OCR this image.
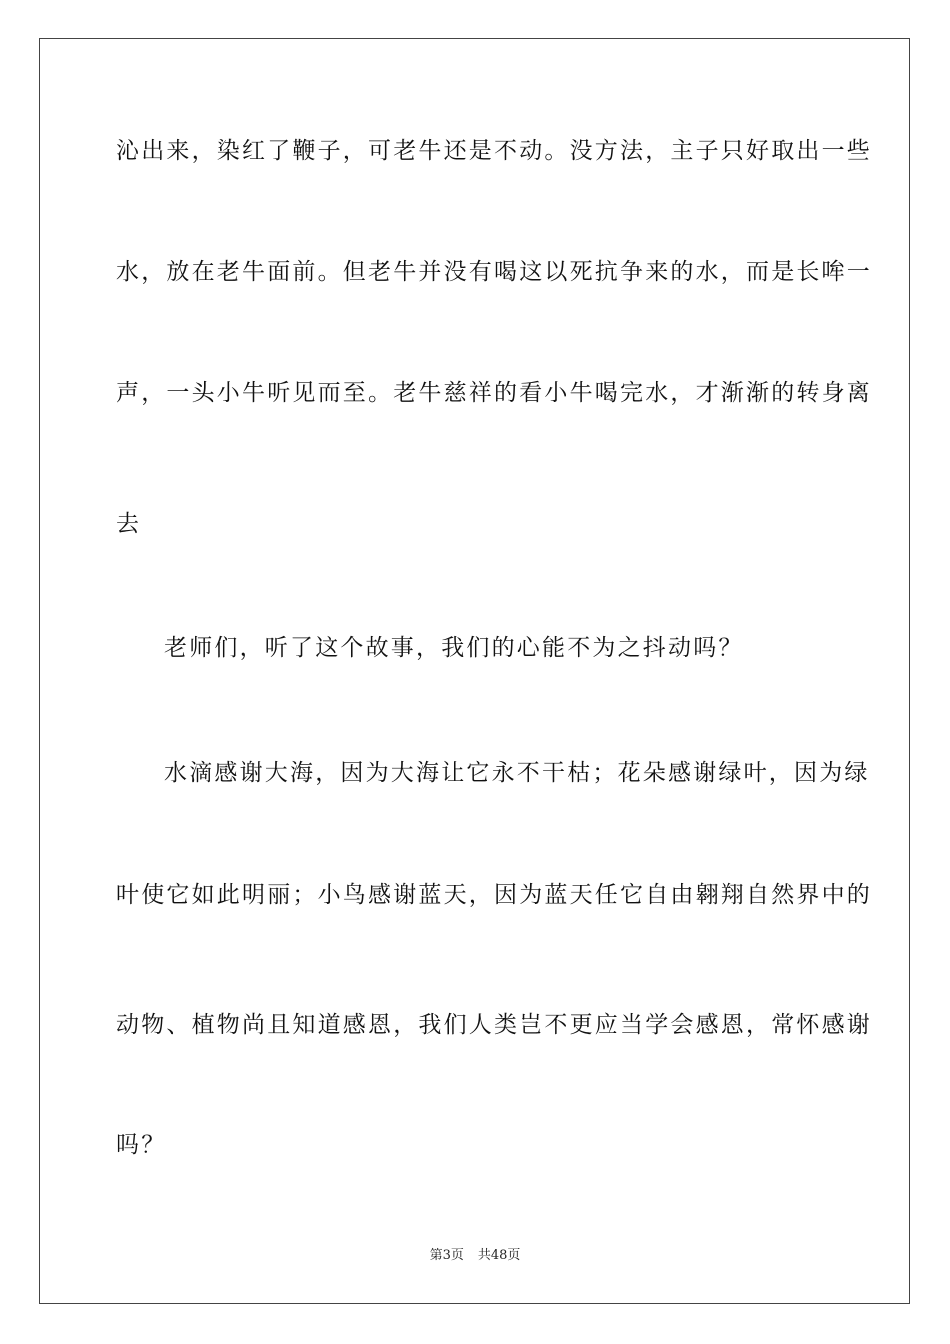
沁出来，染红了鞭子，可老牛还是不动。没方法，主子只好取出一些
水，放在老牛面前。但老牛并没有喝这以死抗争来的水，而是长哞一
声，一头小牛听见而至。老牛慈祥的看小牛喝完水，才渐渐的转身离
去
老师们，听了这个故事，我们的心能不为之抖动吗？
水滴感谢大海，因为大海让它永不干枯；花朵感谢绿叶，因为绿
叶使它如此明丽；小鸟感谢蓝天，因为蓝天任它自由翱翔自然界中的
动物、植物尚且知道感恩，我们人类岂不更应当学会感恩，常怀感谢
吗？
第3页 共48页
